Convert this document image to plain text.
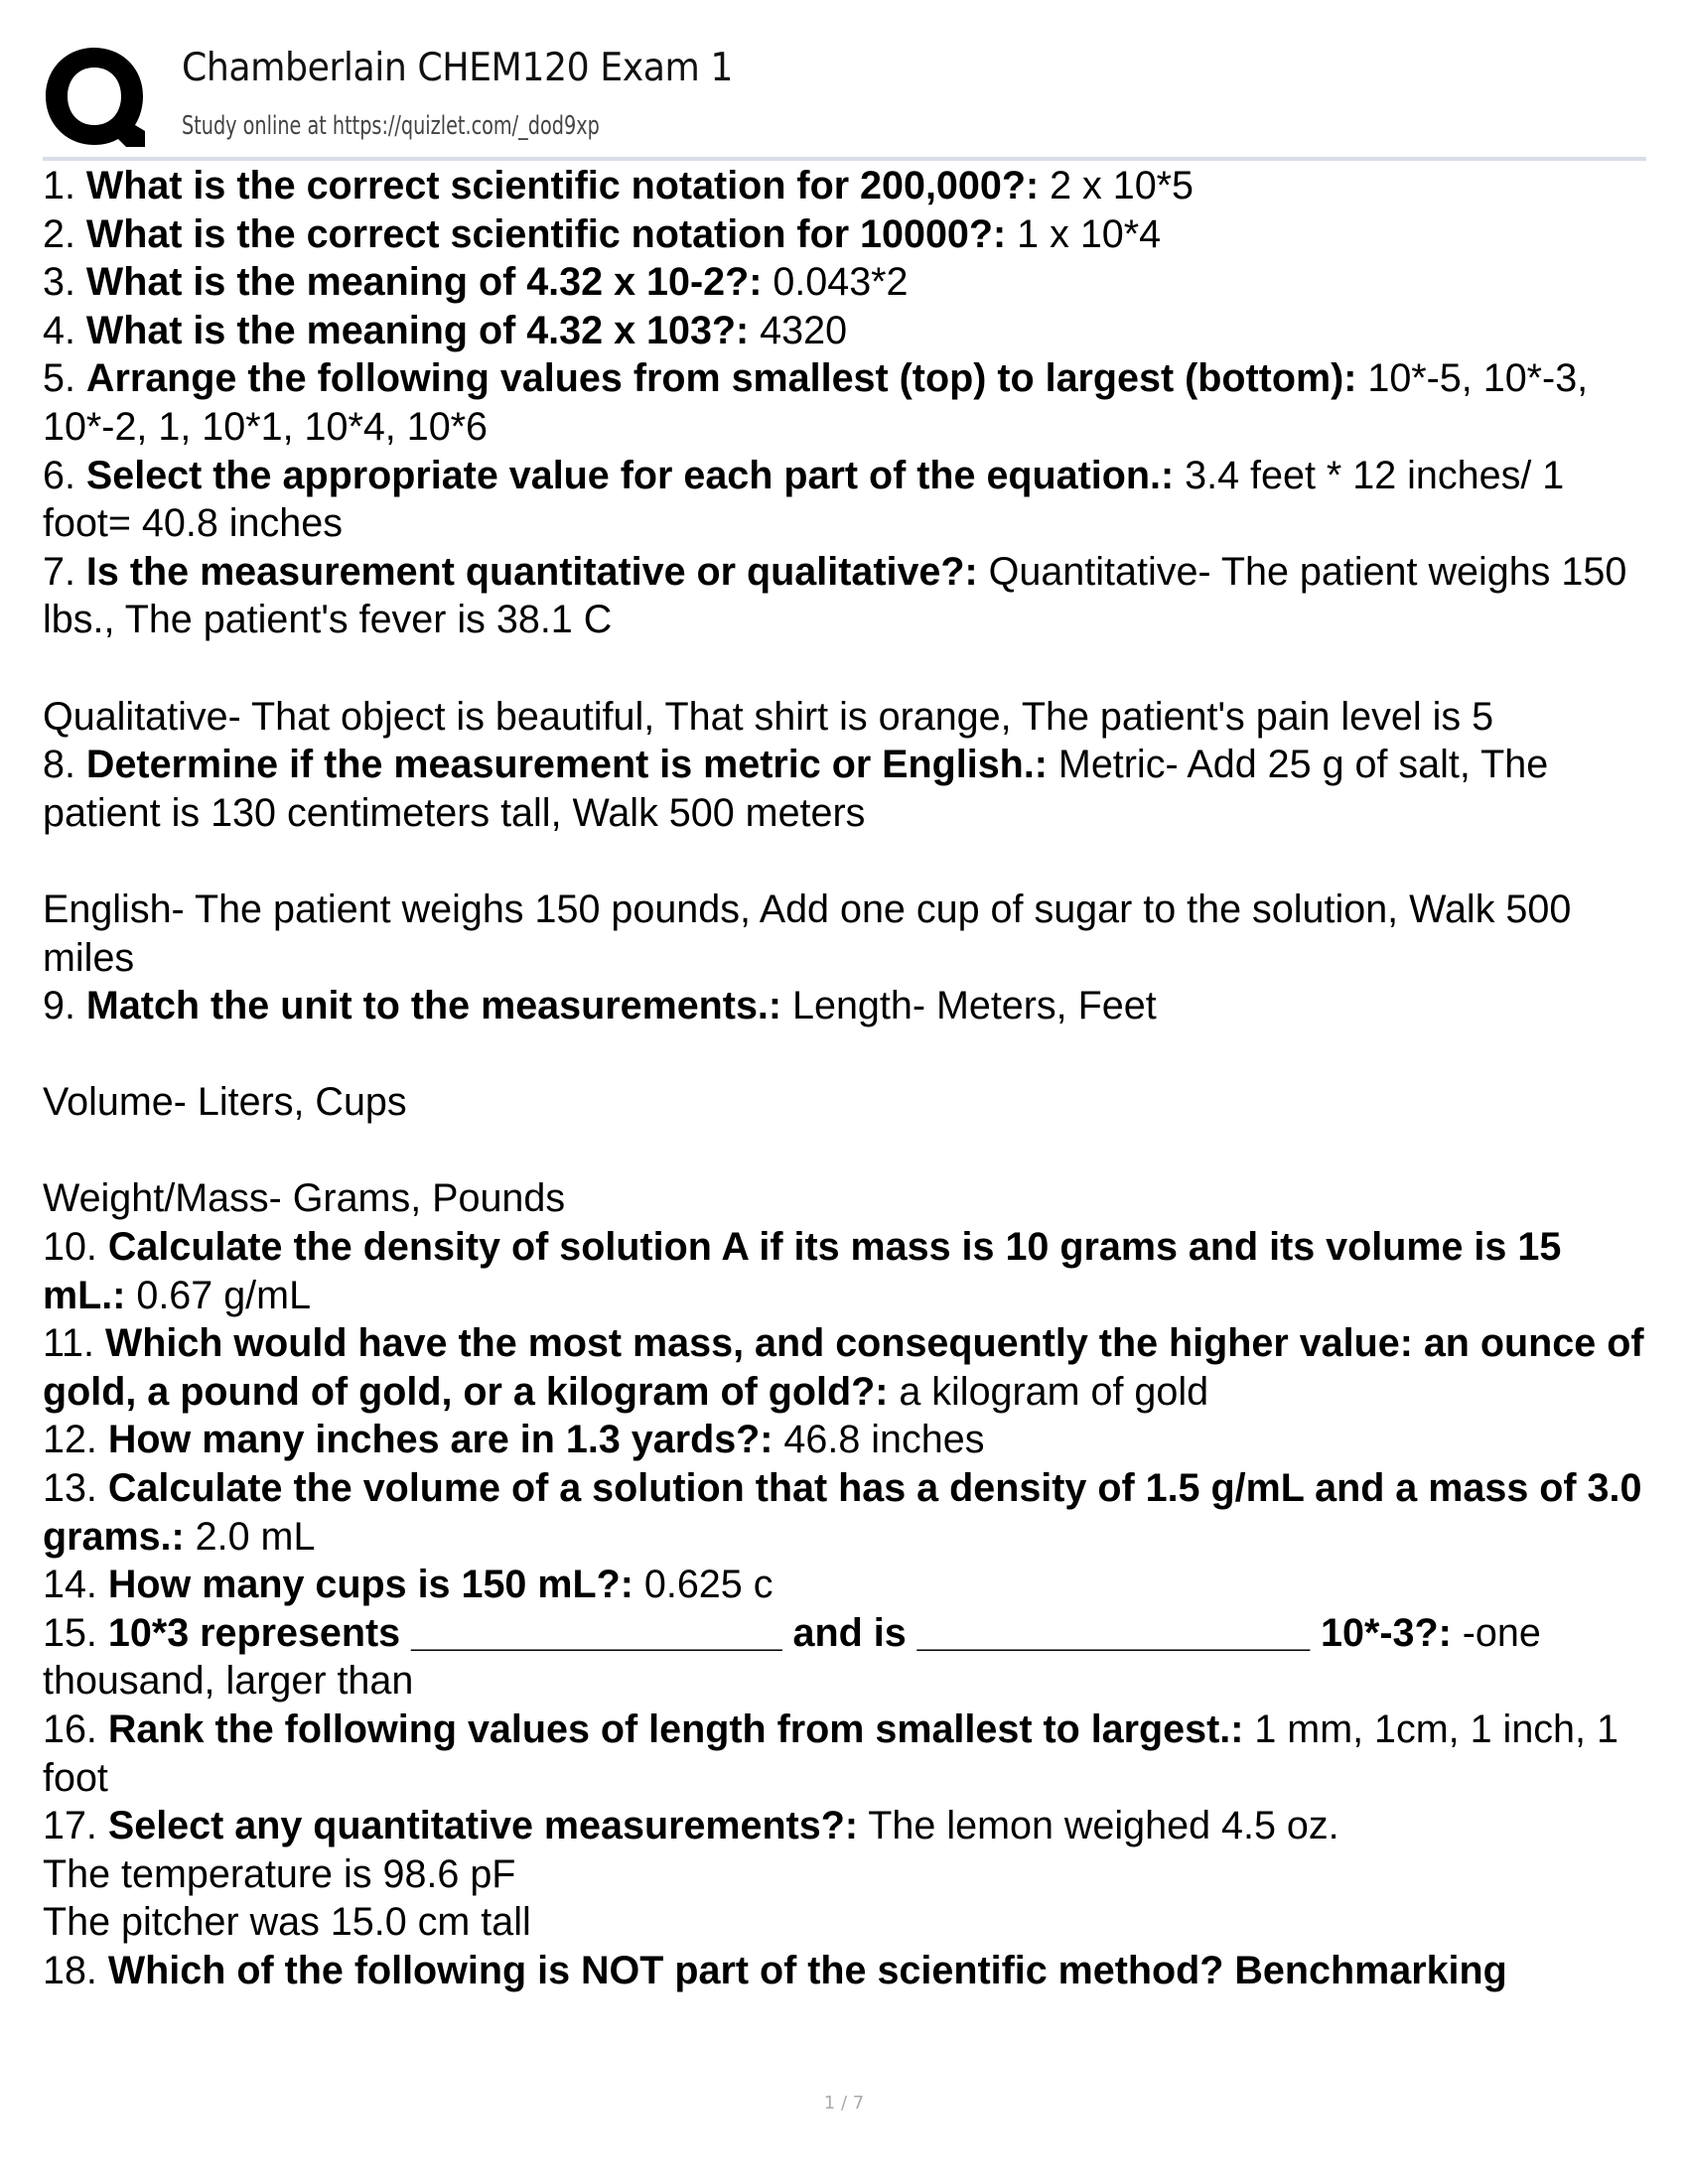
Chamberlain CHEM120 Exam 1
Study online at https://quizlet.com/_dod9xp

1. What is the correct scientific notation for 200,000?: 2 x 10*5

2. What is the correct scientific notation for 10000?: 1 x 10*4

3. What is the meaning of 4.32 x 10-2?: 0.043*2

4. What is the meaning of 4.32 x 103?: 4320

5. Arrange the following values from smallest (top) to largest (bottom): 10*-5, 10*-3, 10*-2, 1, 10*1, 10*4, 10*6

6. Select the appropriate value for each part of the equation.: 3.4 feet * 12 inches/ 1 foot= 40.8 inches

7. Is the measurement quantitative or qualitative?: Quantitative- The patient weighs 150 lbs., The patient's fever is 38.1 C

Qualitative- That object is beautiful, That shirt is orange, The patient's pain level is 5

8. Determine if the measurement is metric or English.: Metric- Add 25 g of salt, The patient is 130 centimeters tall, Walk 500 meters

English- The patient weighs 150 pounds, Add one cup of sugar to the solution, Walk 500 miles

9. Match the unit to the measurements.: Length- Meters, Feet

Volume- Liters, Cups

Weight/Mass- Grams, Pounds

10. Calculate the density of solution A if its mass is 10 grams and its volume is 15 mL.: 0.67 g/mL

11. Which would have the most mass, and consequently the higher value: an ounce of gold, a pound of gold, or a kilogram of gold?: a kilogram of gold

12. How many inches are in 1.3 yards?: 46.8 inches

13. Calculate the volume of a solution that has a density of 1.5 g/mL and a mass of 3.0 grams.: 2.0 mL

14. How many cups is 150 mL?: 0.625 c

15. 10*3 represents _________________ and is __________________ 10*-3?: -one thousand, larger than

16. Rank the following values of length from smallest to largest.: 1 mm, 1cm, 1 inch, 1 foot

17. Select any quantitative measurements?: The lemon weighed 4.5 oz.

The temperature is 98.6 pF

The pitcher was 15.0 cm tall

18. Which of the following is NOT part of the scientific method? Benchmarking

1 / 7
